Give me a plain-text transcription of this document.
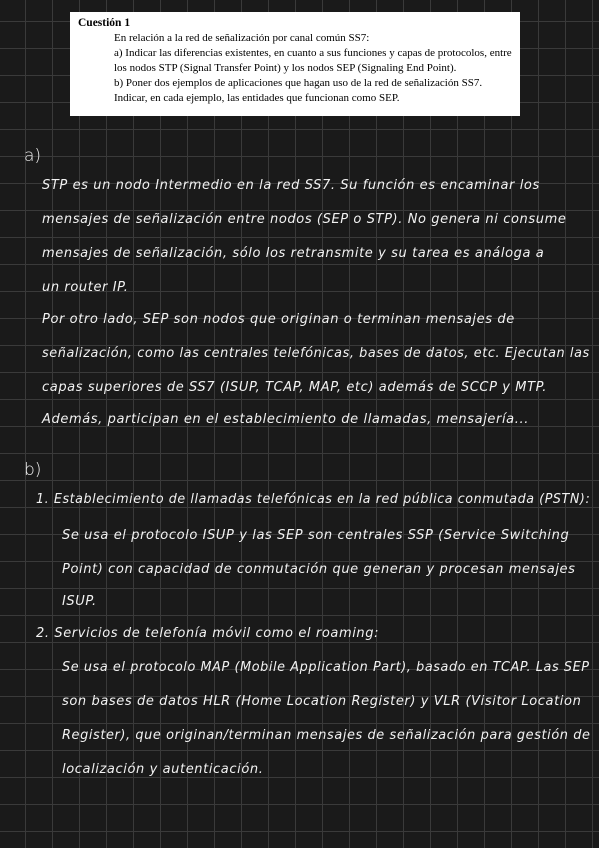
Cuestión 1
En relación a la red de señalización por canal común SS7:
a) Indicar las diferencias existentes, en cuanto a sus funciones y capas de protocolos, entre
los nodos STP (Signal Transfer Point) y los nodos SEP (Signaling End Point).
b) Poner dos ejemplos de aplicaciones que hagan uso de la red de señalización SS7.
Indicar, en cada ejemplo, las entidades que funcionan como SEP.
a)
STP es un nodo Intermedio en la red SS7. Su función es encaminar los
mensajes de señalización entre nodos (SEP o STP). No genera ni consume
mensajes de señalización, sólo los retransmite y su tarea es análoga a
un router IP.
Por otro lado, SEP son nodos que originan o terminan mensajes de
señalización, como las centrales telefónicas, bases de datos, etc. Ejecutan las
capas superiores de SS7 (ISUP, TCAP, MAP, etc) además de SCCP y MTP.
Además, participan en el establecimiento de llamadas, mensajería...
b)
1. Establecimiento de llamadas telefónicas en la red pública conmutada (PSTN):
Se usa el protocolo ISUP y las SEP son centrales SSP (Service Switching
Point) con capacidad de conmutación que generan y procesan mensajes
ISUP.
2. Servicios de telefonía móvil como el roaming:
Se usa el protocolo MAP (Mobile Application Part), basado en TCAP. Las SEP
son bases de datos HLR (Home Location Register) y VLR (Visitor Location
Register), que originan/terminan mensajes de señalización para gestión de
localización y autenticación.
